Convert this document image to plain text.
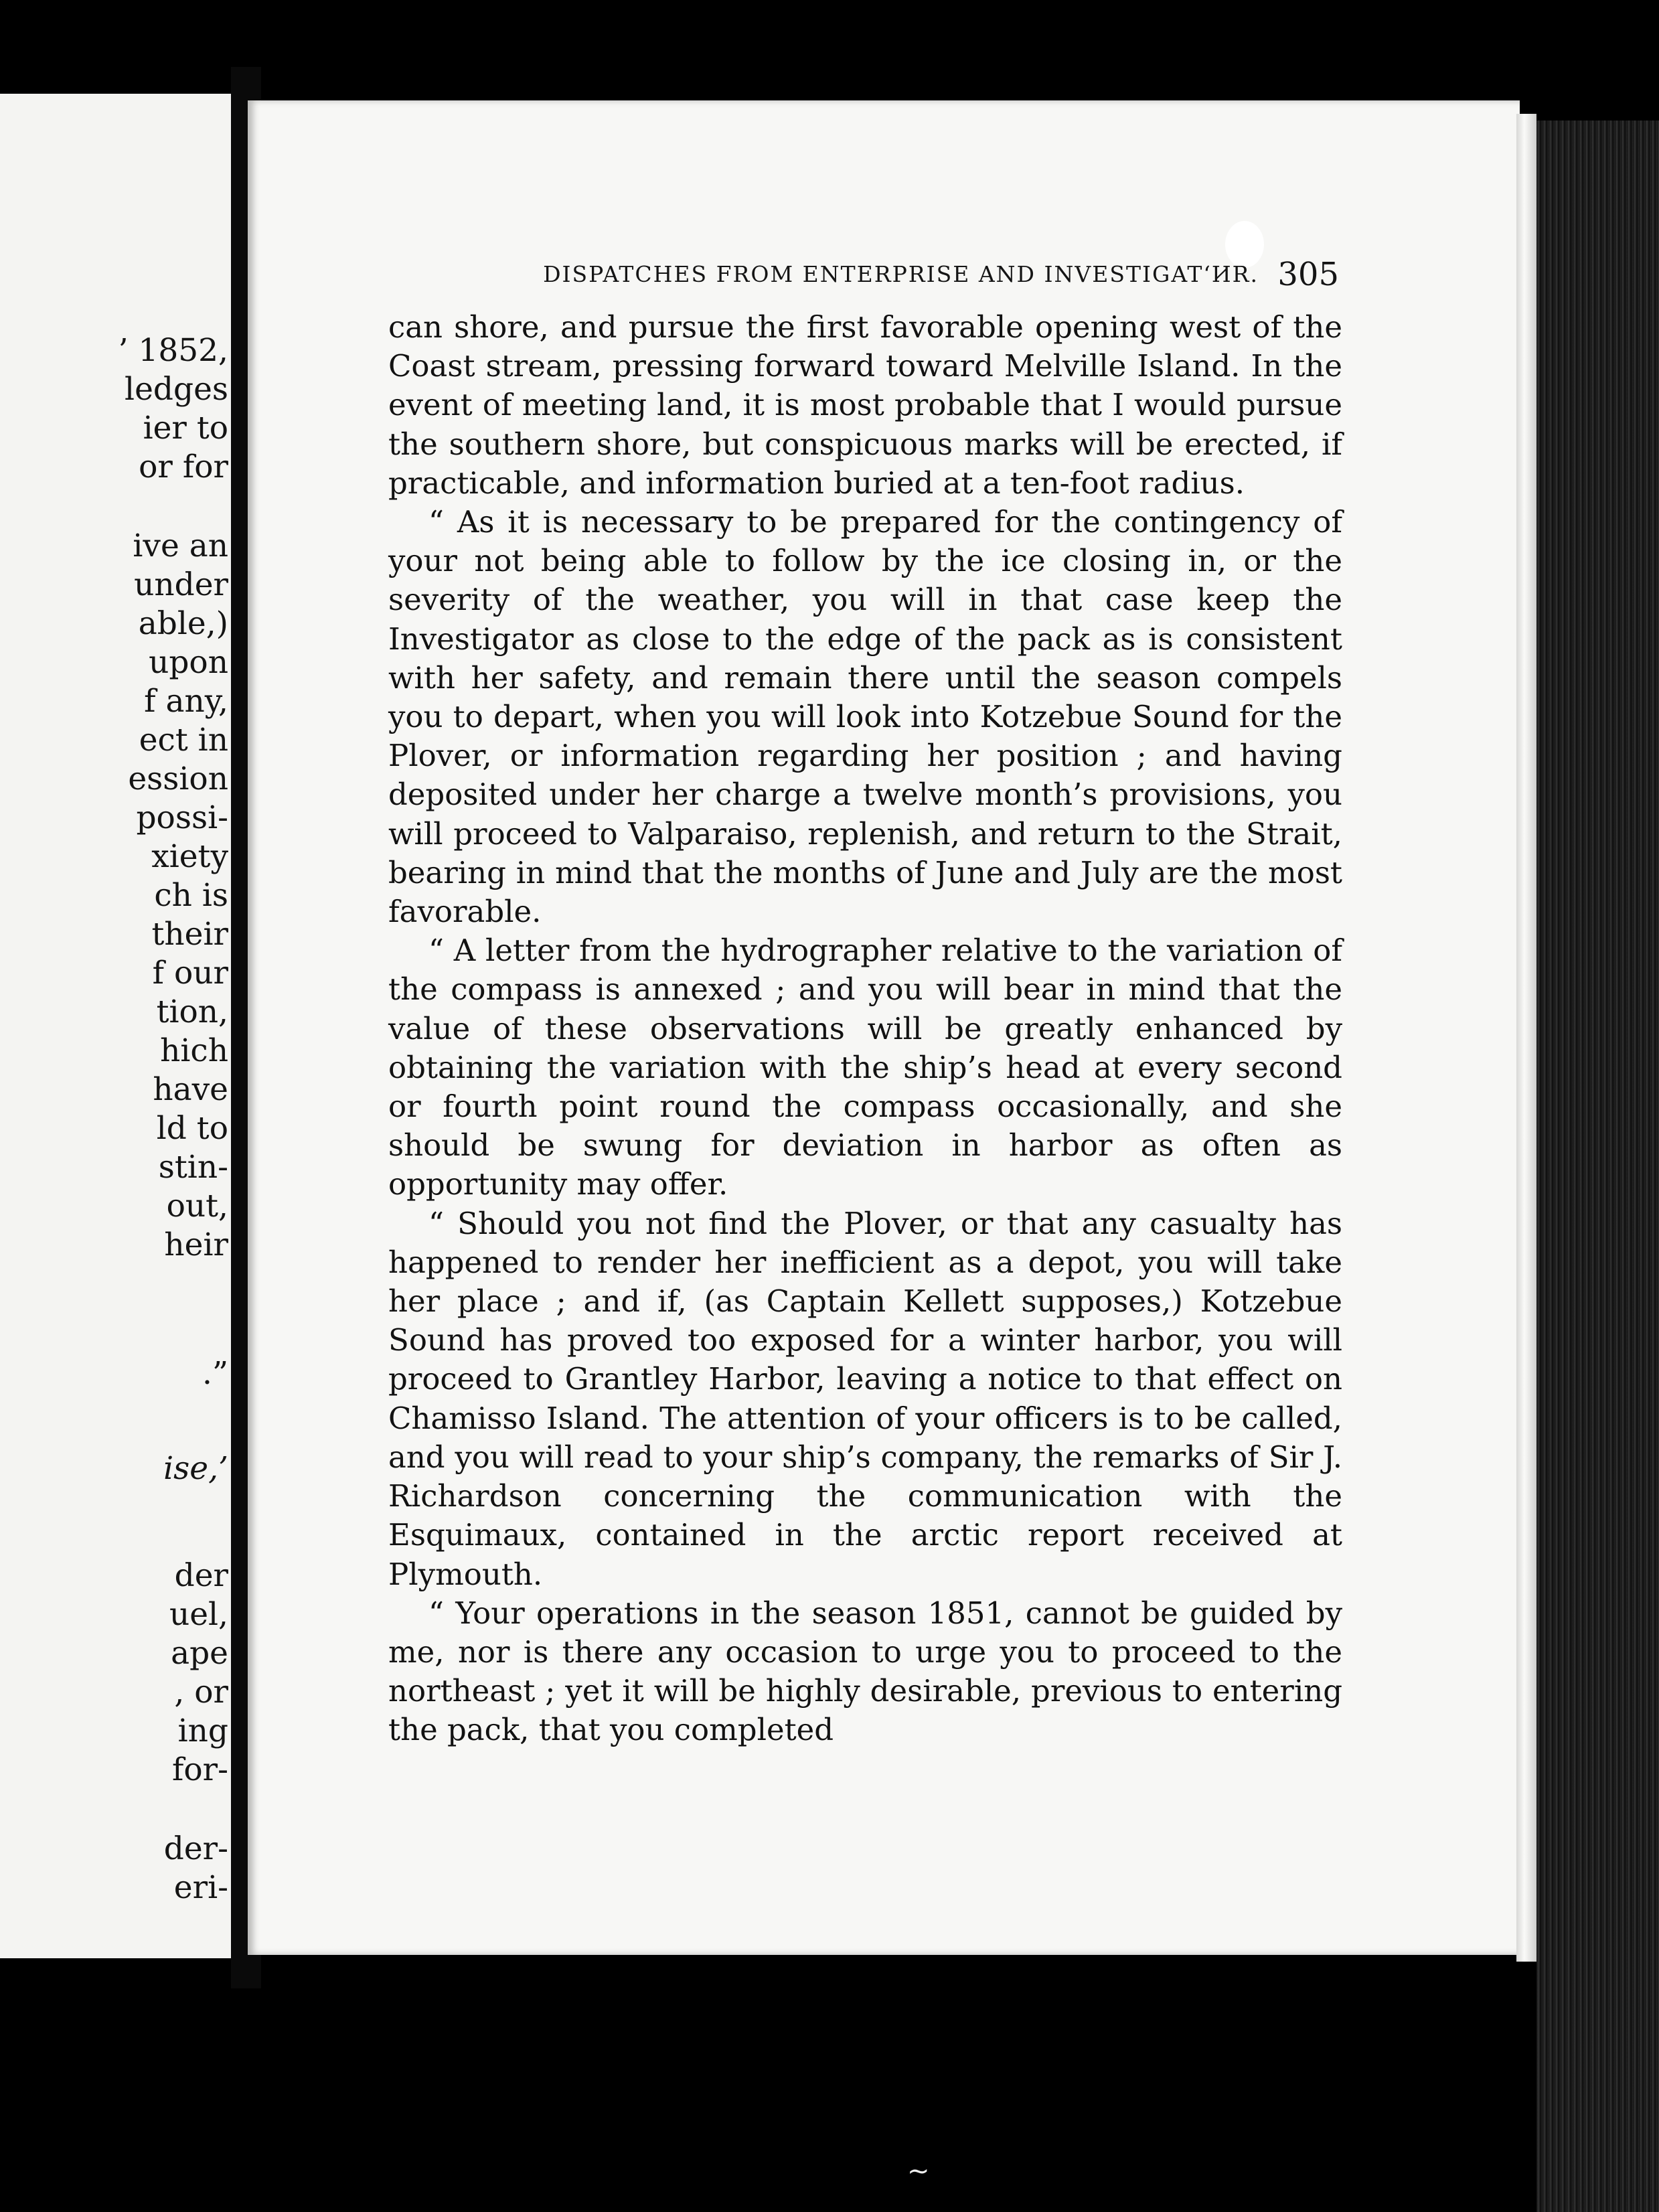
’ 1852,
ledges
ier to
or for
ive an
under
able,)
upon
f any,
ect in
ession
possi-
xiety
ch is
their
f our
tion,
hich
have
ld to
stin-
out,
heir
.”
ise,’
der
uel,
ape
, or
ing
for-
der-
eri-
DISPATCHES FROM ENTERPRISE AND INVESTIGAT‘ИR. 305

can shore, and pursue the first favorable opening west of the Coast stream, pressing forward toward Melville Island. In the event of meeting land, it is most probable that I would pursue the southern shore, but conspicuous marks will be erected, if practicable, and information buried at a ten-foot radius.

“ As it is necessary to be prepared for the contingency of your not being able to follow by the ice closing in, or the severity of the weather, you will in that case keep the Investigator as close to the edge of the pack as is consistent with her safety, and remain there until the season compels you to depart, when you will look into Kotzebue Sound for the Plover, or information regarding her position ; and having deposited under her charge a twelve month’s provisions, you will proceed to Valparaiso, replenish, and return to the Strait, bearing in mind that the months of June and July are the most favorable.

“ A letter from the hydrographer relative to the variation of the compass is annexed ; and you will bear in mind that the value of these observations will be greatly enhanced by obtaining the variation with the ship’s head at every second or fourth point round the compass occasionally, and she should be swung for deviation in harbor as often as opportunity may offer.

“ Should you not find the Plover, or that any casualty has happened to render her inefficient as a depot, you will take her place ; and if, (as Captain Kellett supposes,) Kotzebue Sound has proved too exposed for a winter harbor, you will proceed to Grantley Harbor, leaving a notice to that effect on Chamisso Island. The attention of your officers is to be called, and you will read to your ship’s company, the remarks of Sir J. Richardson concerning the communication with the Esquimaux, contained in the arctic report received at Plymouth.

“ Your operations in the season 1851, cannot be guided by me, nor is there any occasion to urge you to proceed to the northeast ; yet it will be highly desirable, previous to entering the pack, that you completed

~
